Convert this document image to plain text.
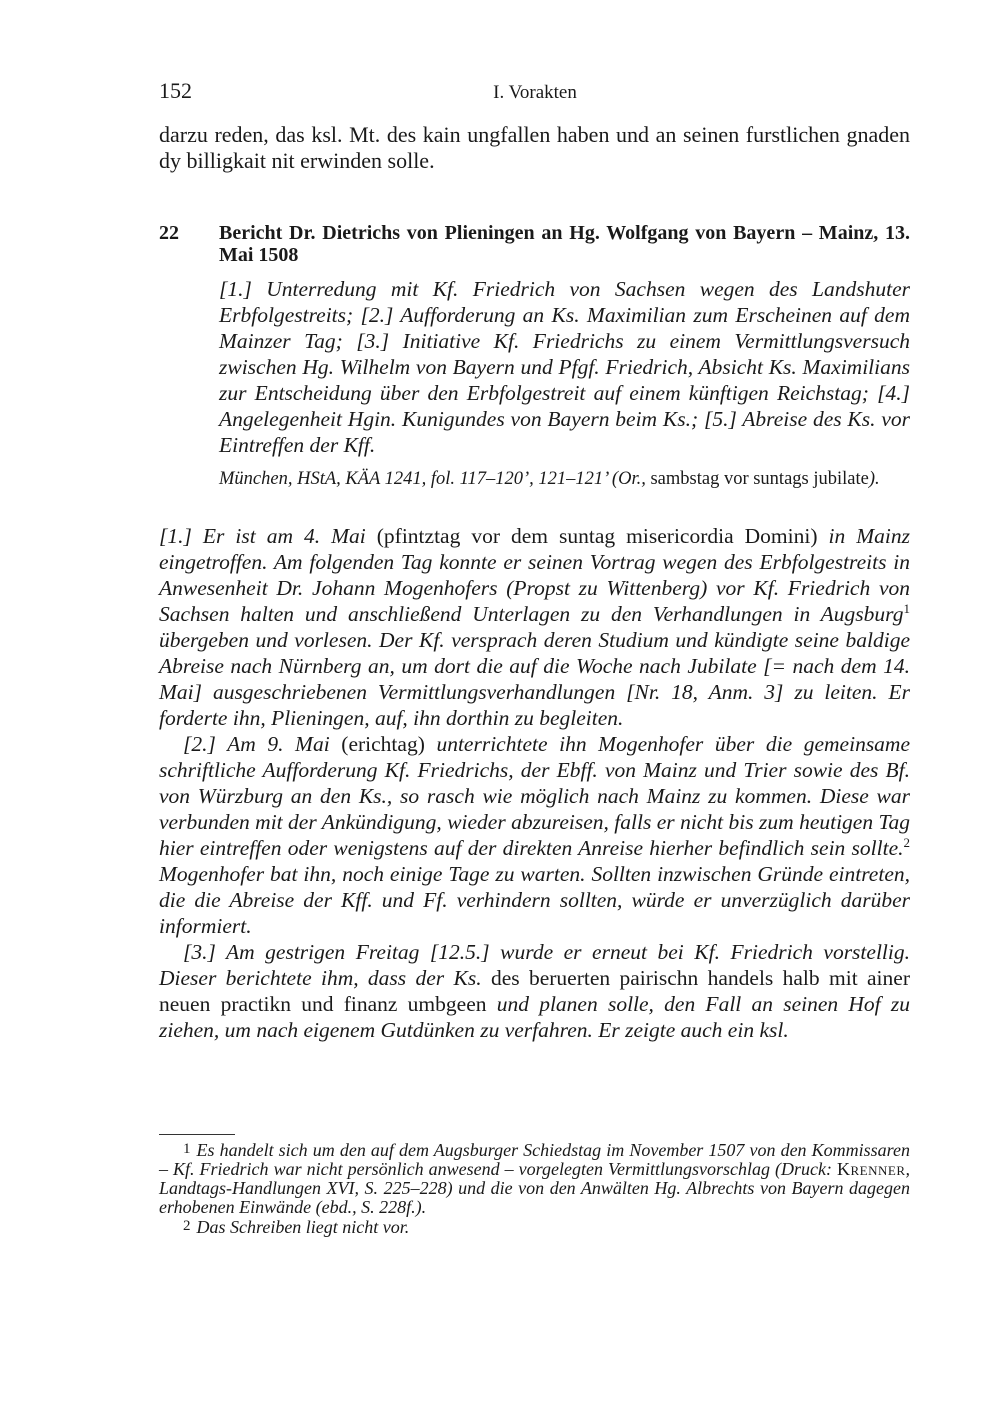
152	I. Vorakten
darzu reden, das ksl. Mt. des kain ungfallen haben und an seinen furstlichen gnaden dy billigkait nit erwinden solle.
22 Bericht Dr. Dietrichs von Plieningen an Hg. Wolfgang von Bayern – Mainz, 13. Mai 1508
[1.] Unterredung mit Kf. Friedrich von Sachsen wegen des Landshuter Erbfolgestreits; [2.] Aufforderung an Ks. Maximilian zum Erscheinen auf dem Mainzer Tag; [3.] Initiative Kf. Friedrichs zu einem Vermittlungsversuch zwischen Hg. Wilhelm von Bayern und Pfgf. Friedrich, Absicht Ks. Maximilians zur Entscheidung über den Erbfolgestreit auf einem künftigen Reichstag; [4.] Angelegenheit Hgin. Kunigundes von Bayern beim Ks.; [5.] Abreise des Ks. vor Eintreffen der Kff.
München, HStA, KÄA 1241, fol. 117–120’, 121–121’ (Or., sambstag vor suntags jubilate).

[1.] Er ist am 4. Mai (pfintztag vor dem suntag misericordia Domini) in Mainz eingetroffen. Am folgenden Tag konnte er seinen Vortrag wegen des Erbfolgestreits in Anwesenheit Dr. Johann Mogenhofers (Propst zu Wittenberg) vor Kf. Friedrich von Sachsen halten und anschließend Unterlagen zu den Verhandlungen in Augsburg$^1$ übergeben und vorlesen. Der Kf. versprach deren Studium und kündigte seine baldige Abreise nach Nürnberg an, um dort die auf die Woche nach Jubilate [= nach dem 14. Mai] ausgeschriebenen Vermittlungsverhandlungen [Nr. 18, Anm. 3] zu leiten. Er forderte ihn, Plieningen, auf, ihn dorthin zu begleiten.

[2.] Am 9. Mai (erichtag) unterrichtete ihn Mogenhofer über die gemeinsame schriftliche Aufforderung Kf. Friedrichs, der Ebff. von Mainz und Trier sowie des Bf. von Würzburg an den Ks., so rasch wie möglich nach Mainz zu kommen. Diese war verbunden mit der Ankündigung, wieder abzureisen, falls er nicht bis zum heutigen Tag hier eintreffen oder wenigstens auf der direkten Anreise hierher befindlich sein sollte.$^2$ Mogenhofer bat ihn, noch einige Tage zu warten. Sollten inzwischen Gründe eintreten, die die Abreise der Kff. und Ff. verhindern sollten, würde er unverzüglich darüber informiert.

[3.] Am gestrigen Freitag [12.5.] wurde er erneut bei Kf. Friedrich vorstellig. Dieser berichtete ihm, dass der Ks. des beruerten pairischn handels halb mit ainer neuen practikn und finanz umbgeen und planen solle, den Fall an seinen Hof zu ziehen, um nach eigenem Gutdünken zu verfahren. Er zeigte auch ein ksl.

1 Es handelt sich um den auf dem Augsburger Schiedstag im November 1507 von den Kommissaren – Kf. Friedrich war nicht persönlich anwesend – vorgelegten Vermittlungsvorschlag (Druck: Krenner, Landtags-Handlungen XVI, S. 225–228) und die von den Anwälten Hg. Albrechts von Bayern dagegen erhobenen Einwände (ebd., S. 228f.).

2 Das Schreiben liegt nicht vor.
